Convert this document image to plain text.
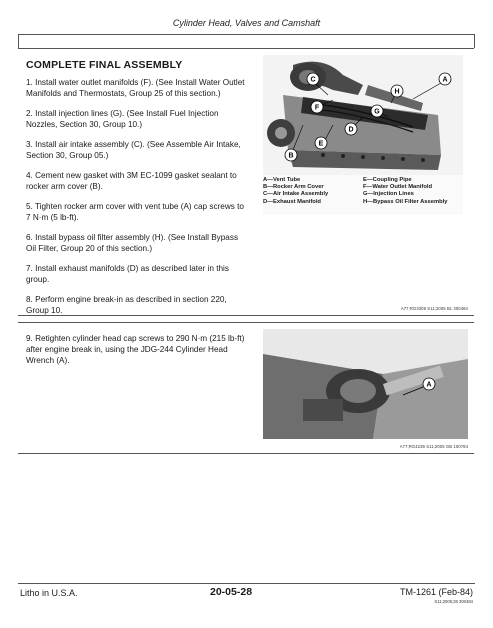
Cylinder Head, Valves and Camshaft
COMPLETE FINAL ASSEMBLY

1. Install water outlet manifolds (F). (See Install Water Outlet Manifolds and Thermostats, Group 25 of this section.)

2. Install injection lines (G). (See Install Fuel Injection Nozzles, Section 30, Group 10.)

3. Install air intake assembly (C). (See Assemble Air Intake, Section 30, Group 05.)

4. Cement new gasket with 3M EC-1099 gasket sealant to rocker arm cover (B).

5. Tighten rocker arm cover with vent tube (A) cap screws to 7 N·m (5 lb-ft).

6. Install bypass oil filter assembly (H). (See Install Bypass Oil Filter, Group 20 of this section.)

7. Install exhaust manifolds (D) as described later in this group.

8. Perform engine break-in as described in section 220, Group 10.

A
B
C
D
E
F
G
H
A—Vent Tube
B—Rocker Arm Cover
C—Air Intake Assembly
D—Exhaust Manifold
E—Coupling Pipe
F—Water Outlet Manifold
G—Injection Lines
H—Bypass Oil Filter Assembly
A77;RG3309 S11;2005 BL 300484
9. Retighten cylinder head cap screws to 290 N·m (215 lb-ft) after engine break in, using the JDG-244 Cylinder Head Wrench (A).
A
A77;RG4239 S11;2005 GB 100784
Litho in U.S.A.	20-05-28	TM-1261 (Feb-84)
S11;2005;28 300484
